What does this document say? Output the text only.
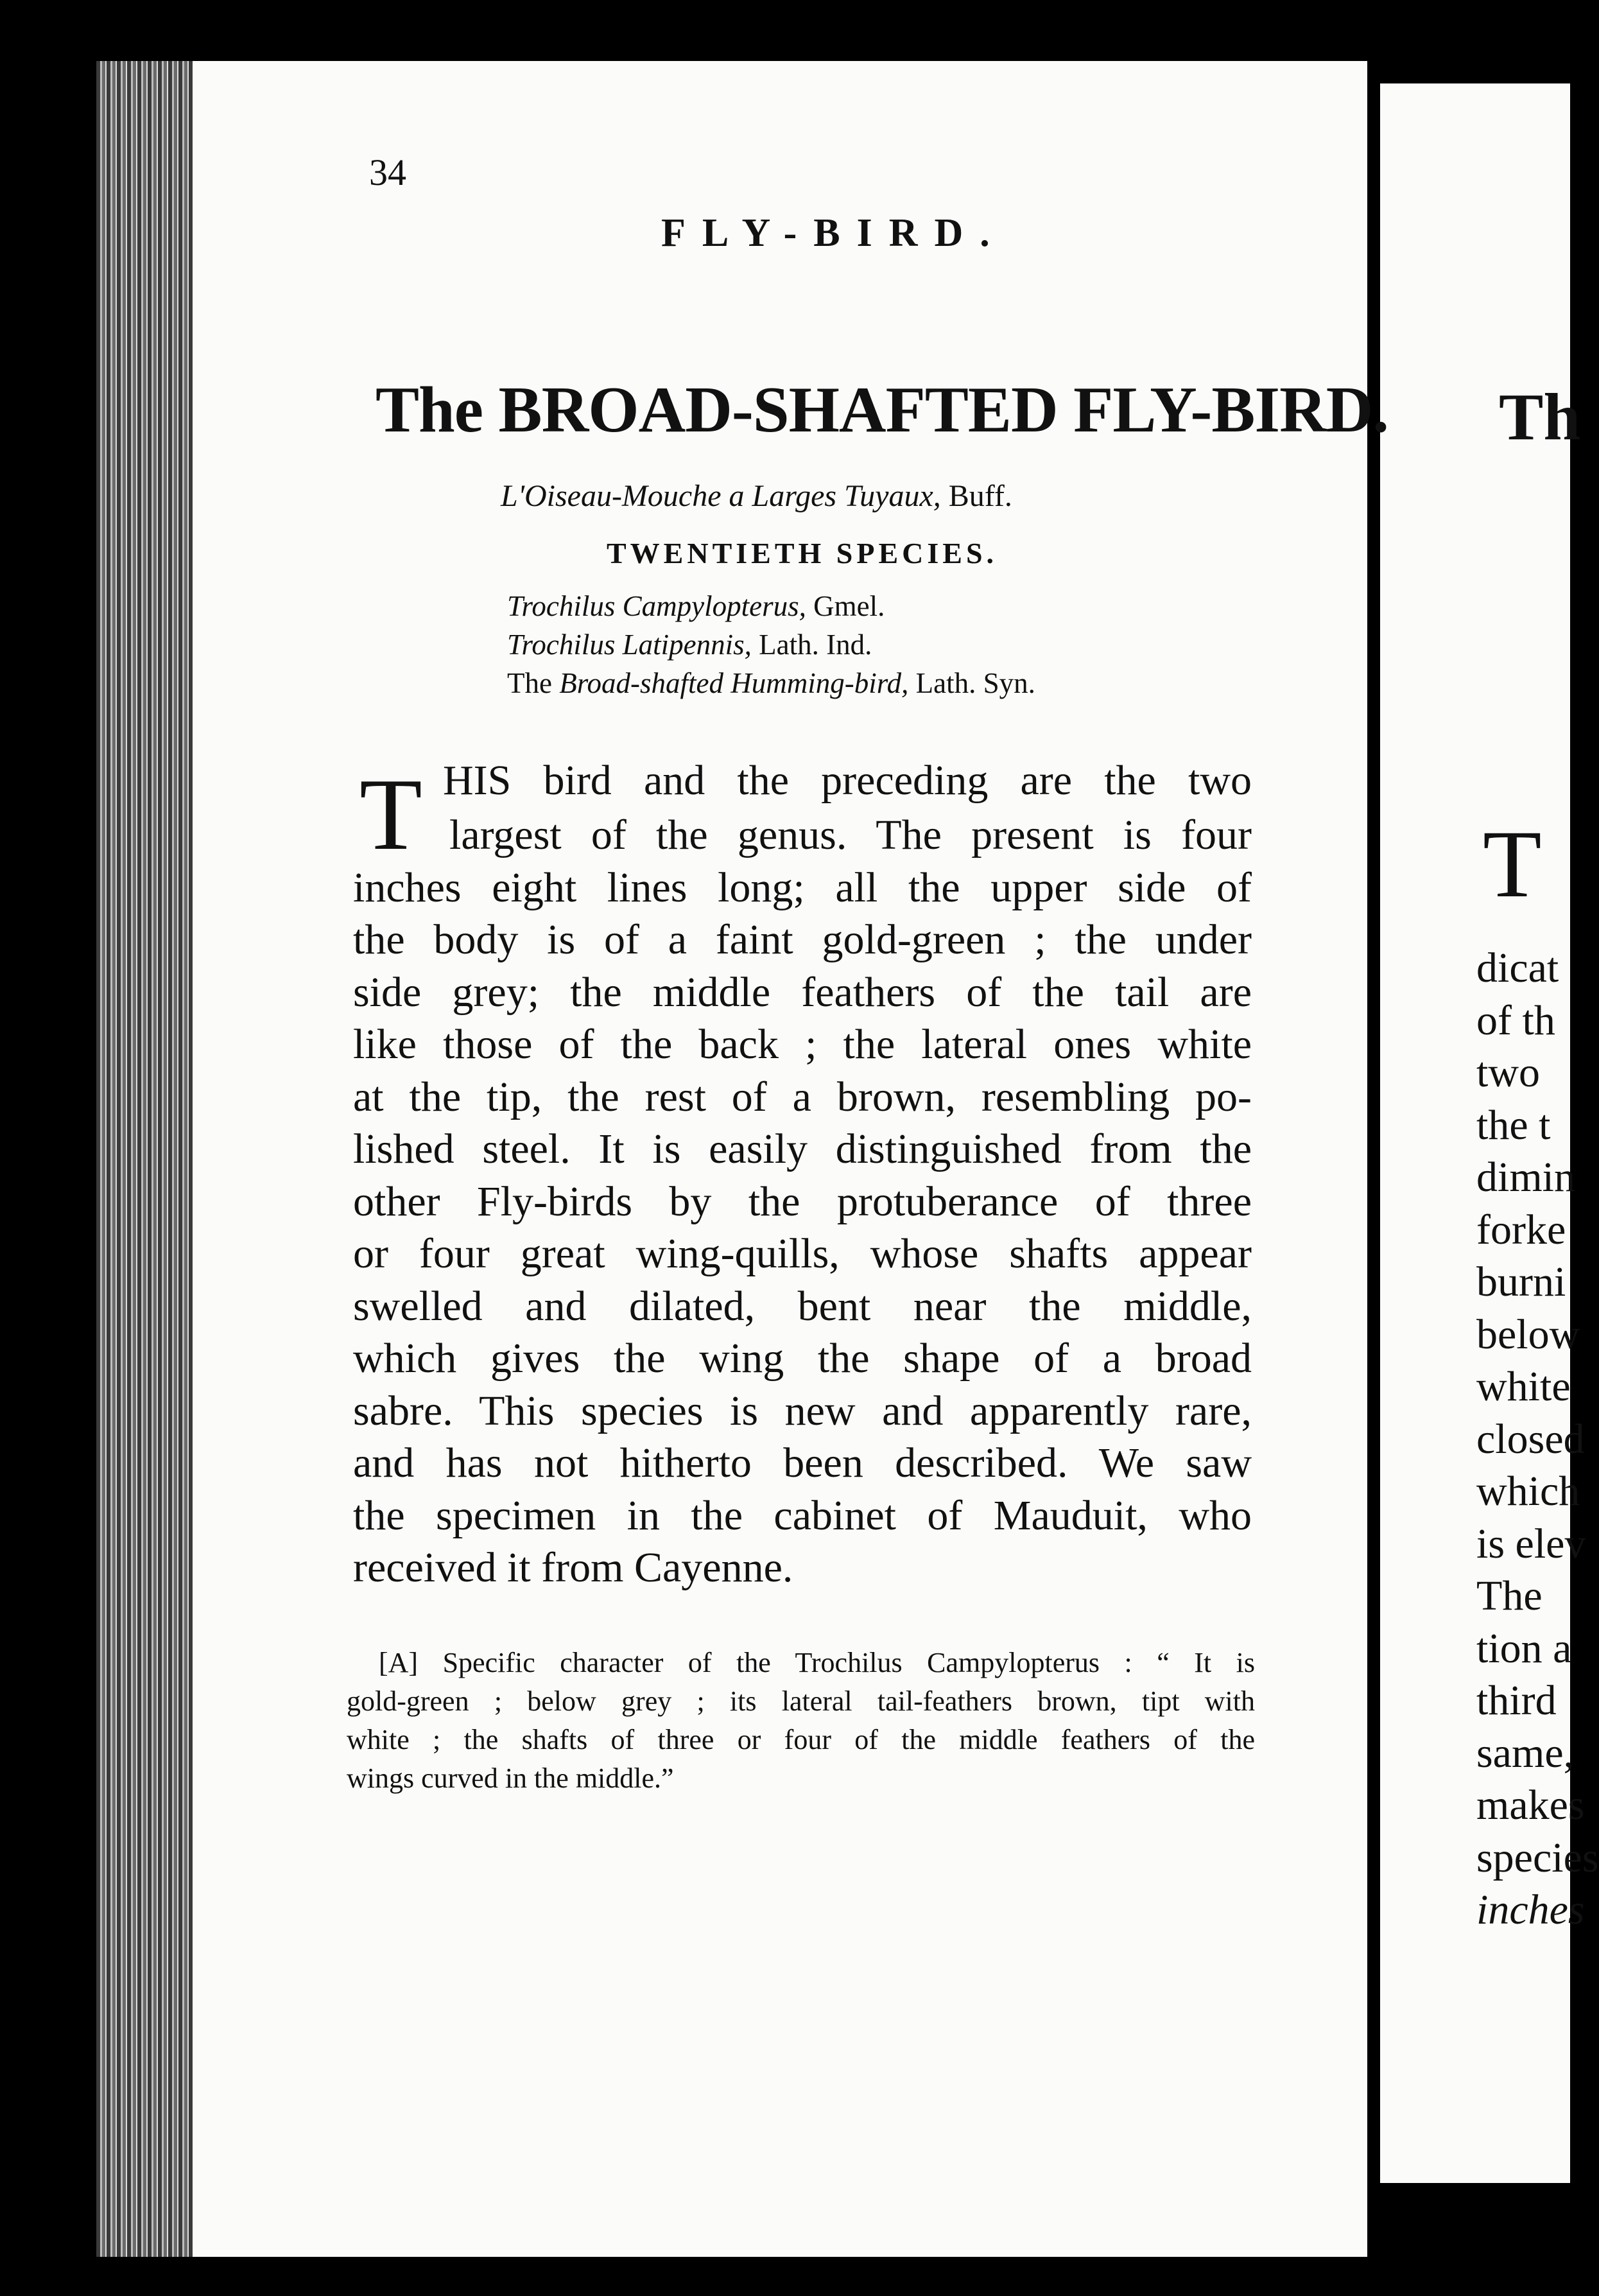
Th
T
dicat
of th
two
the t
dimin
forke
burni
below
white
closed
which
is elev
The
tion a
third
same,
makes
species
inches
34
FLY-BIRD.
The BROAD-SHAFTED FLY-BIRD.
L'Oiseau-Mouche a Larges Tuyaux, Buff.
TWENTIETH SPECIES.
Trochilus Campylopterus, Gmel.
Trochilus Latipennis, Lath. Ind.
The Broad-shafted Humming-bird, Lath. Syn.
T HIS bird and the preceding are the two
largest of the genus. The present is four
inches eight lines long; all the upper side of
the body is of a faint gold-green ; the under
side grey; the middle feathers of the tail are
like those of the back ; the lateral ones white
at the tip, the rest of a brown, resembling po-
lished steel. It is easily distinguished from the
other Fly-birds by the protuberance of three
or four great wing-quills, whose shafts appear
swelled and dilated, bent near the middle,
which gives the wing the shape of a broad
sabre. This species is new and apparently rare,
and has not hitherto been described. We saw
the specimen in the cabinet of Mauduit, who
received it from Cayenne.
[A] Specific character of the Trochilus Campylopterus : “ It is
gold-green ; below grey ; its lateral tail-feathers brown, tipt with
white ; the shafts of three or four of the middle feathers of the
wings curved in the middle.”
